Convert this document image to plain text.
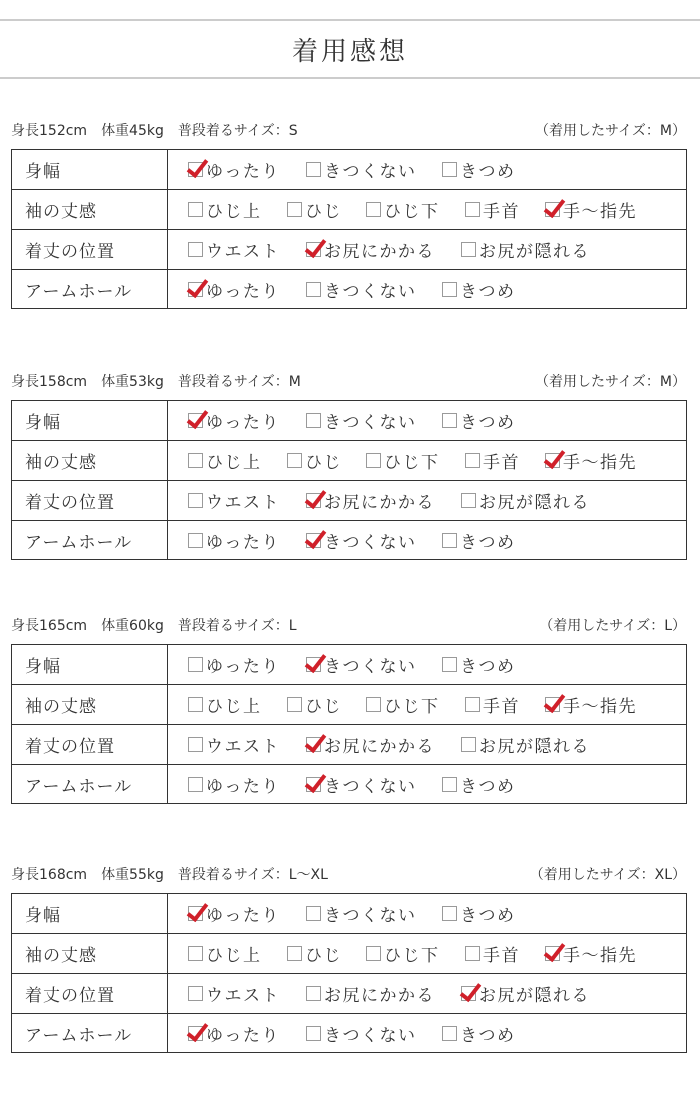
着用感想
身長152cm 体重45kg 普段着るサイズ：S	（着用したサイズ：M）
身幅	ゆったり	きつくない	きつめ
袖の丈感	ひじ上	ひじ ひじ下	手首	手〜指先
着丈の位置	ウエスト	お尻にかかる	お尻が隠れる
アームホール	ゆったり	きつくない	きつめ
身長158cm 体重53kg 普段着るサイズ：M	（着用したサイズ：M）
身幅	ゆったり	きつくない	きつめ
袖の丈感	ひじ上	ひじ ひじ下	手首	手〜指先
着丈の位置	ウエスト	お尻にかかる	お尻が隠れる
アームホール	ゆったり	きつくない	きつめ
身長165cm 体重60kg 普段着るサイズ：L	（着用したサイズ：L）
身幅	ゆったり	きつくない	きつめ
袖の丈感	ひじ上	ひじ ひじ下	手首	手〜指先
着丈の位置	ウエスト	お尻にかかる	お尻が隠れる
アームホール	ゆったり	きつくない	きつめ
身長168cm 体重55kg 普段着るサイズ：L〜XL	（着用したサイズ：XL）
身幅	ゆったり	きつくない	きつめ
袖の丈感	ひじ上	ひじ ひじ下	手首	手〜指先
着丈の位置	ウエスト	お尻にかかる	お尻が隠れる
アームホール	ゆったり	きつくない	きつめ
